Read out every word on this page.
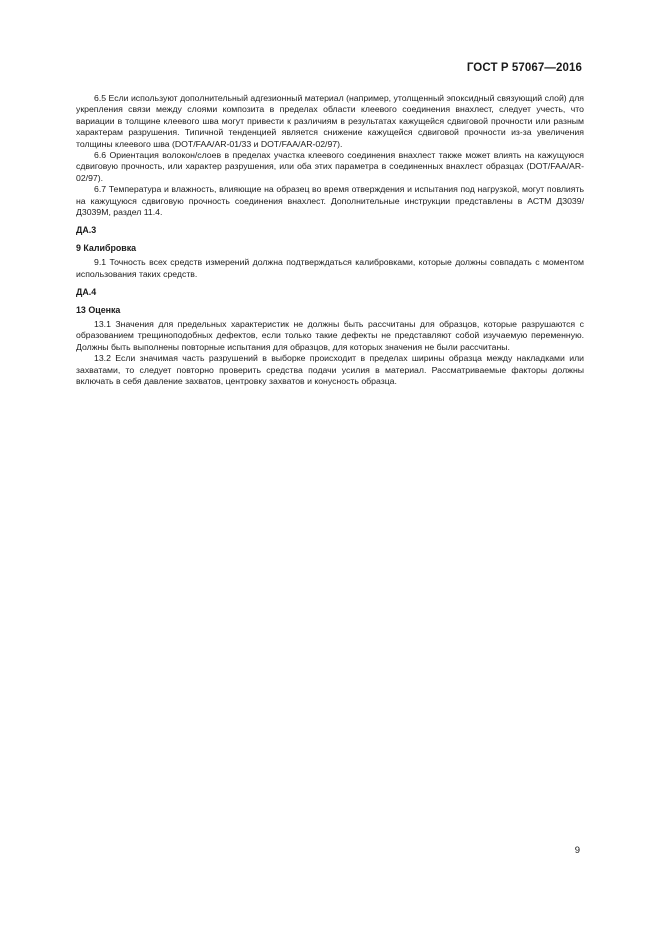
ГОСТ Р 57067—2016

6.5 Если используют дополнительный адгезионный материал (например, утолщенный эпоксидный связующий слой) для укрепления связи между слоями композита в пределах области клеевого соединения внахлест, следует учесть, что вариации в толщине клеевого шва могут привести к различиям в результатах кажущейся сдвиговой прочности или разным характерам разрушения. Типичной тенденцией является снижение кажущейся сдвиговой прочности из-за увеличения толщины клеевого шва (DOT/FAA/AR-01/33 и DOT/FAA/AR-02/97).

6.6 Ориентация волокон/слоев в пределах участка клеевого соединения внахлест также может влиять на кажущуюся сдвиговую прочность, или характер разрушения, или оба этих параметра в соединенных внахлест образцах (DOT/FAA/AR-02/97).

6.7 Температура и влажность, влияющие на образец во время отверждения и испытания под нагрузкой, могут повлиять на кажущуюся сдвиговую прочность соединения внахлест. Дополнительные инструкции представлены в АСТМ Д3039/Д3039М, раздел 11.4.

ДА.3

9 Калибровка

9.1 Точность всех средств измерений должна подтверждаться калибровками, которые должны совпадать с моментом использования таких средств.

ДА.4

13 Оценка

13.1 Значения для предельных характеристик не должны быть рассчитаны для образцов, которые разрушаются с образованием трещиноподобных дефектов, если только такие дефекты не представляют собой изучаемую переменную. Должны быть выполнены повторные испытания для образцов, для которых значения не были рассчитаны.

13.2 Если значимая часть разрушений в выборке происходит в пределах ширины образца между накладками или захватами, то следует повторно проверить средства подачи усилия в материал. Рассматриваемые факторы должны включать в себя давление захватов, центровку захватов и конусность образца.

9
